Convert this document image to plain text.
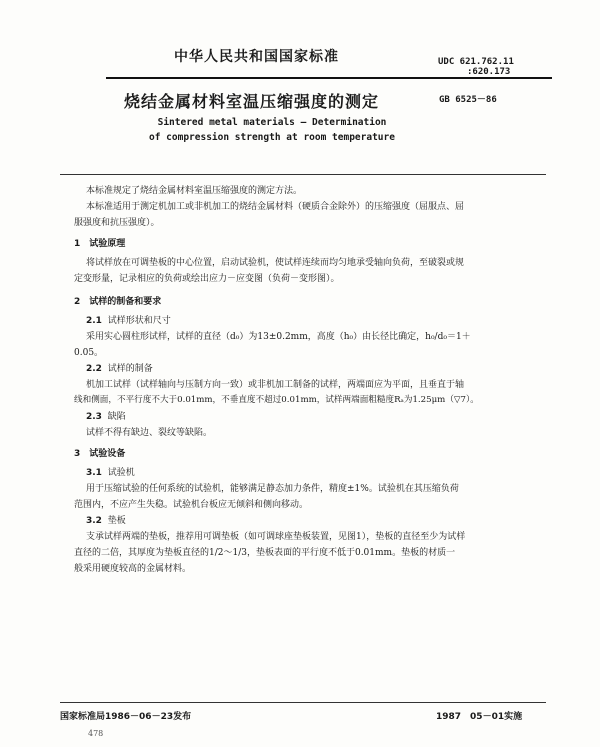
中华人民共和国国家标准	UDC 621.762.11
:620.173
烧结金属材料室温压缩强度的测定	GB 6525－86
Sintered metal materials — Determination
of compression strength at room temperature
本标准规定了烧结金属材料室温压缩强度的测定方法。
本标准适用于测定机加工或非机加工的烧结金属材料（硬质合金除外）的压缩强度（屈服点、屈
服强度和抗压强度）。
1　试验原理
将试样放在可调垫板的中心位置，启动试验机，使试样连续而均匀地承受轴向负荷，至破裂或规
定变形量，记录相应的负荷或绘出应力－应变图（负荷－变形图）。
2　试样的制备和要求
2.1 试样形状和尺寸
采用实心圆柱形试样，试样的直径（d₀）为13±0.2mm，高度（h₀）由长径比确定，h₀/d₀＝1＋
0.05。
2.2 试样的制备
机加工试样（试样轴向与压制方向一致）或非机加工制备的试样，两端面应为平面，且垂直于轴
线和侧面，不平行度不大于0.01mm，不垂直度不超过0.01mm，试样两端面粗糙度Rₐ为1.25μm（▽7）。
2.3 缺陷
试样不得有缺边、裂纹等缺陷。
3　试验设备
3.1 试验机
用于压缩试验的任何系统的试验机，能够满足静态加力条件，精度±1%。试验机在其压缩负荷
范围内，不应产生失稳。试验机台板应无倾斜和侧向移动。
3.2 垫板
支承试样两端的垫板，推荐用可调垫板（如可调球座垫板装置，见图1），垫板的直径至少为试样
直径的二倍，其厚度为垫板直径的1/2～1/3，垫板表面的平行度不低于0.01mm。垫板的材质一
般采用硬度较高的金属材料。
国家标准局1986－06－23发布	1987　05－01实施
478
